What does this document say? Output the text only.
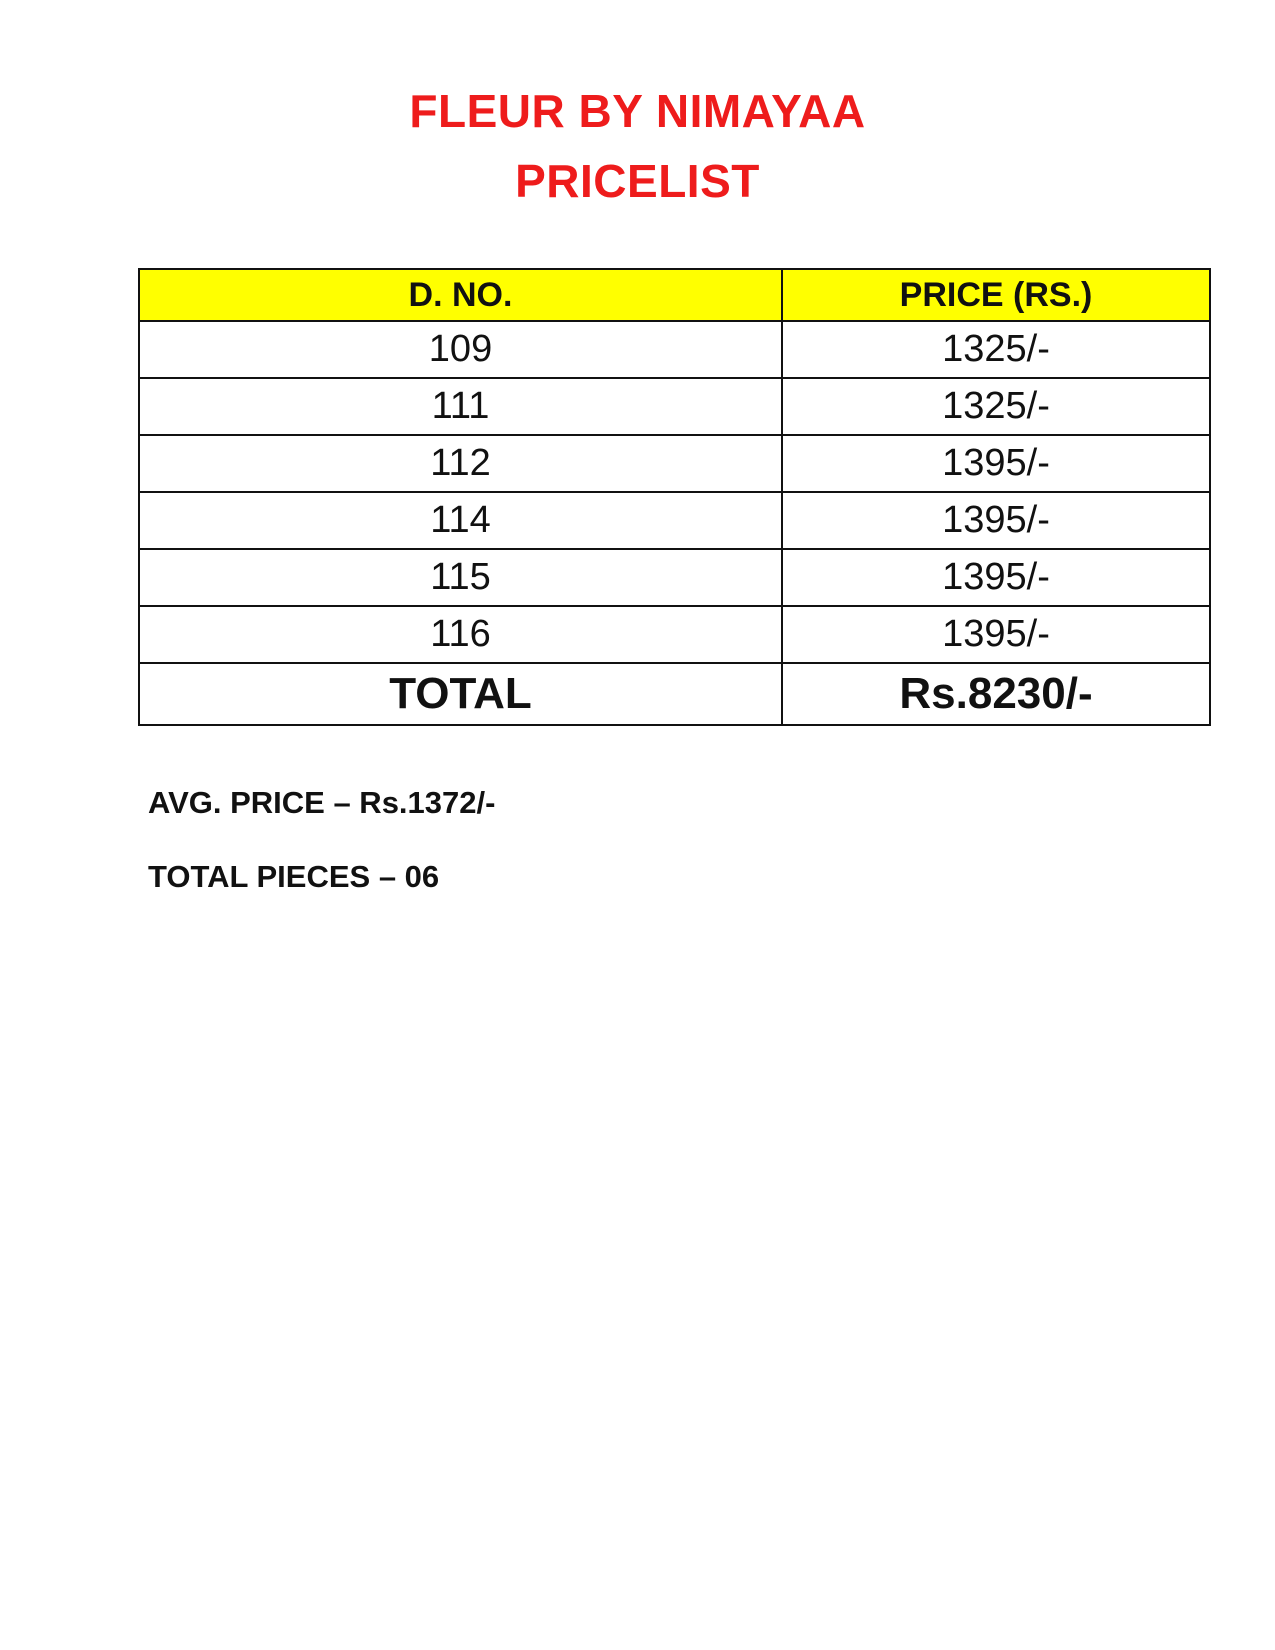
FLEUR BY NIMAYAA
PRICELIST
D. NO.	PRICE (RS.)
109	1325/-
111	1325/-
112	1395/-
114	1395/-
115	1395/-
116	1395/-
TOTAL	Rs.8230/-
AVG. PRICE – Rs.1372/-
TOTAL PIECES – 06
